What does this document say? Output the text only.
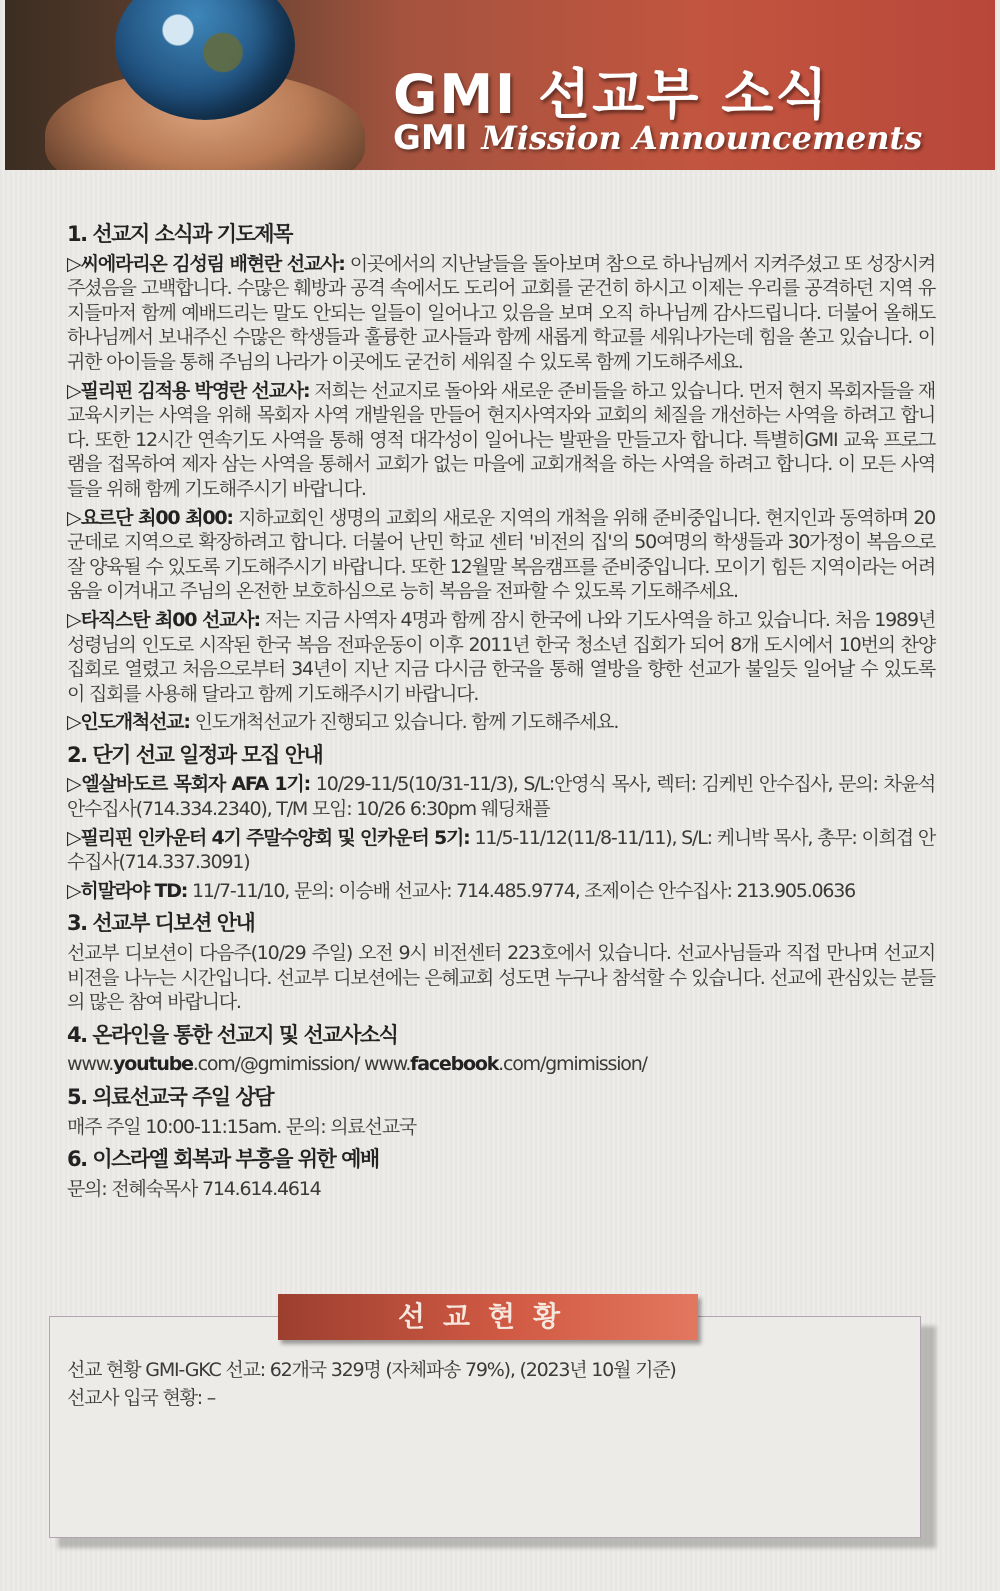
GMI 선교부 소식
GMI Mission Announcements
1. 선교지 소식과 기도제목

▷씨에라리온 김성림 배현란 선교사: 이곳에서의 지난날들을 돌아보며 참으로 하나님께서 지켜주셨고 또 성장시켜주셨음을 고백합니다. 수많은 훼방과 공격 속에서도 도리어 교회를 굳건히 하시고 이제는 우리를 공격하던 지역 유지들마저 함께 예배드리는 말도 안되는 일들이 일어나고 있음을 보며 오직 하나님께 감사드립니다. 더불어 올해도 하나님께서 보내주신 수많은 학생들과 훌륭한 교사들과 함께 새롭게 학교를 세워나가는데 힘을 쏟고 있습니다. 이 귀한 아이들을 통해 주님의 나라가 이곳에도 굳건히 세워질 수 있도록 함께 기도해주세요.

▷필리핀 김적용 박영란 선교사: 저희는 선교지로 돌아와 새로운 준비들을 하고 있습니다. 먼저 현지 목회자들을 재교육시키는 사역을 위해 목회자 사역 개발원을 만들어 현지사역자와 교회의 체질을 개선하는 사역을 하려고 합니다. 또한 12시간 연속기도 사역을 통해 영적 대각성이 일어나는 발판을 만들고자 합니다. 특별히GMI 교육 프로그램을 접목하여 제자 삼는 사역을 통해서 교회가 없는 마을에 교회개척을 하는 사역을 하려고 합니다. 이 모든 사역들을 위해 함께 기도해주시기 바랍니다.

▷요르단 최00 최00: 지하교회인 생명의 교회의 새로운 지역의 개척을 위해 준비중입니다. 현지인과 동역하며 20 군데로 지역으로 확장하려고 합니다. 더불어 난민 학교 센터 '비전의 집'의 50여명의 학생들과 30가정이 복음으로 잘 양육될 수 있도록 기도해주시기 바랍니다. 또한 12월말 복음캠프를 준비중입니다. 모이기 힘든 지역이라는 어려움을 이겨내고 주님의 온전한 보호하심으로 능히 복음을 전파할 수 있도록 기도해주세요.

▷타직스탄 최00 선교사: 저는 지금 사역자 4명과 함께 잠시 한국에 나와 기도사역을 하고 있습니다. 처음 1989년 성령님의 인도로 시작된 한국 복음 전파운동이 이후 2011년 한국 청소년 집회가 되어 8개 도시에서 10번의 찬양집회로 열렸고 처음으로부터 34년이 지난 지금 다시금 한국을 통해 열방을 향한 선교가 불일듯 일어날 수 있도록 이 집회를 사용해 달라고 함께 기도해주시기 바랍니다.

▷인도개척선교: 인도개척선교가 진행되고 있습니다. 함께 기도해주세요.

2. 단기 선교 일정과 모집 안내

▷엘살바도르 목회자 AFA 1기: 10/29-11/5(10/31-11/3), S/L:안영식 목사, 렉터: 김케빈 안수집사, 문의: 차윤석 안수집사(714.334.2340), T/M 모임: 10/26 6:30pm 웨딩채플

▷필리핀 인카운터 4기 주말수양회 및 인카운터 5기: 11/5-11/12(11/8-11/11), S/L: 케니박 목사, 총무: 이희겹 안수집사(714.337.3091)

▷히말라야 TD: 11/7-11/10, 문의: 이승배 선교사: 714.485.9774, 조제이슨 안수집사: 213.905.0636

3. 선교부 디보션 안내

선교부 디보션이 다음주(10/29 주일) 오전 9시 비전센터 223호에서 있습니다. 선교사님들과 직접 만나며 선교지 비젼을 나누는 시간입니다. 선교부 디보션에는 은혜교회 성도면 누구나 참석할 수 있습니다. 선교에 관심있는 분들의 많은 참여 바랍니다.

4. 온라인을 통한 선교지 및 선교사소식

www.youtube.com/@gmimission/ www.facebook.com/gmimission/

5. 의료선교국 주일 상담

매주 주일 10:00-11:15am. 문의: 의료선교국

6. 이스라엘 회복과 부흥을 위한 예배

문의: 전혜숙목사 714.614.4614

선교현황
선교 현황 GMI-GKC 선교: 62개국 329명 (자체파송 79%), (2023년 10월 기준)
선교사 입국 현황: –
